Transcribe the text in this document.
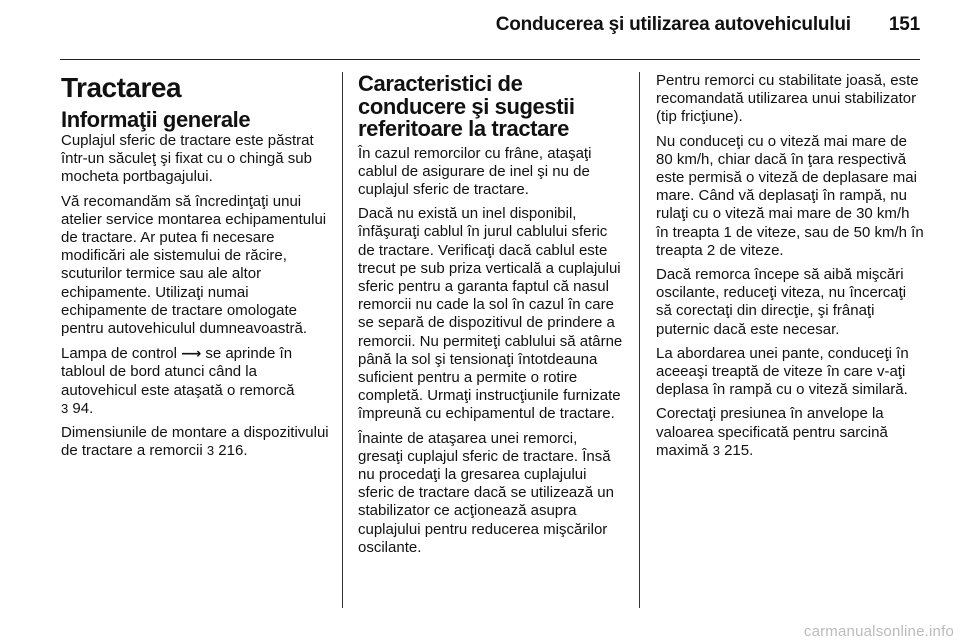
Conducerea şi utilizarea autovehiculului 151
Tractarea
Informaţii generale

Cuplajul sferic de tractare este păstrat într-un săculeţ şi fixat cu o chingă sub mocheta portbagajului.

Vă recomandăm să încredinţaţi unui atelier service montarea echipamentului de tractare. Ar putea fi necesare modificări ale sistemului de răcire, scuturilor termice sau ale altor echipamente. Utilizaţi numai echipamente de tractare omologate pentru autovehiculul dumneavoastră.

Lampa de control ⟶ se aprinde în tabloul de bord atunci când la autovehicul este ataşată o remorcă 3 94.

Dimensiunile de montare a dispozitivului de tractare a remorcii 3 216.

Caracteristici de conducere şi sugestii referitoare la tractare

În cazul remorcilor cu frâne, ataşaţi cablul de asigurare de inel şi nu de cuplajul sferic de tractare.

Dacă nu există un inel disponibil, înfăşuraţi cablul în jurul cablului sferic de tractare. Verificaţi dacă cablul este trecut pe sub priza verticală a cuplajului sferic pentru a garanta faptul că nasul remorcii nu cade la sol în cazul în care se separă de dispozitivul de prindere a remorcii. Nu permiteţi cablului să atârne până la sol şi tensionaţi întotdeauna suficient pentru a permite o rotire completă. Urmaţi instrucţiunile furnizate împreună cu echipamentul de tractare.

Înainte de ataşarea unei remorci, gresaţi cuplajul sferic de tractare. Însă nu procedaţi la gresarea cuplajului sferic de tractare dacă se utilizează un stabilizator ce acţionează asupra cuplajului pentru reducerea mişcărilor oscilante.

Pentru remorci cu stabilitate joasă, este recomandată utilizarea unui stabilizator (tip fricţiune).

Nu conduceţi cu o viteză mai mare de 80 km/h, chiar dacă în ţara respectivă este permisă o viteză de deplasare mai mare. Când vă deplasaţi în rampă, nu rulaţi cu o viteză mai mare de 30 km/h în treapta 1 de viteze, sau de 50 km/h în treapta 2 de viteze.

Dacă remorca începe să aibă mişcări oscilante, reduceţi viteza, nu încercaţi să corectaţi din direcţie, şi frânaţi puternic dacă este necesar.

La abordarea unei pante, conduceţi în aceeaşi treaptă de viteze în care v-aţi deplasa în rampă cu o viteză similară.

Corectaţi presiunea în anvelope la valoarea specificată pentru sarcină maximă 3 215.

carmanualsonline.info
